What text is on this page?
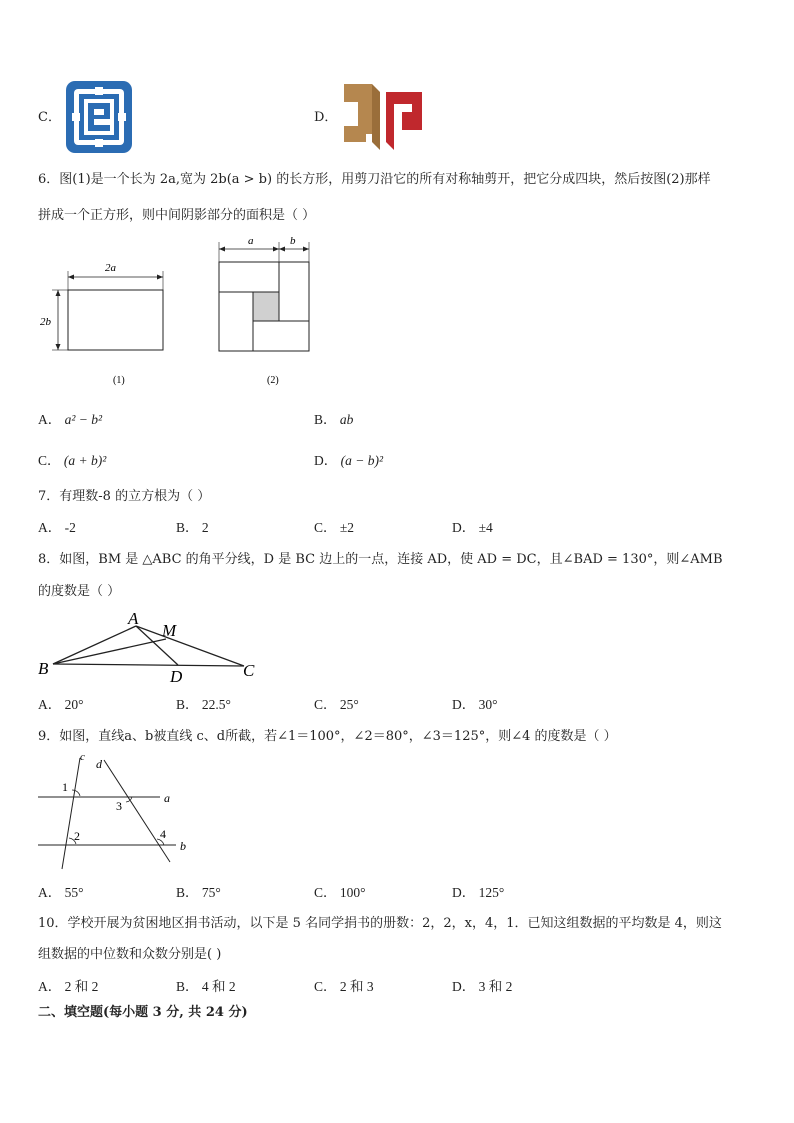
C．	D．
6．图(1)是一个长为 2a,宽为 2b(a > b) 的长方形，用剪刀沿它的所有对称轴剪开，把它分成四块，然后按图(2)那样
拼成一个正方形，则中间阴影部分的面积是（ ）
2a
2b
(1)
a	b
(2)
A． a² − b²	B． ab
C． (a + b)²	D． (a − b)²
7．有理数-8 的立方根为（ ）
A． -2	B． 2	C． ±2	D． ±4
8．如图，BM 是 △ABC 的角平分线，D 是 BC 边上的一点，连接 AD，使 AD = DC，且∠BAD = 130°，则∠AMB
的度数是（ ）
A
M
B	D	C
A． 20°	B． 22.5°	C． 25°	D． 30°
9．如图，直线a、b被直线 c、d所截，若∠1＝100°，∠2＝80°，∠3＝125°，则∠4 的度数是（ ）
c d
a
b
1
2
3
4
A． 55°	B． 75°	C． 100°	D． 125°
10．学校开展为贫困地区捐书活动，以下是 5 名同学捐书的册数：2，2，x，4，1．已知这组数据的平均数是 4，则这
组数据的中位数和众数分别是( )
A． 2 和 2	B． 4 和 2	C． 2 和 3	D． 3 和 2
二、填空题(每小题 3 分, 共 24 分)
